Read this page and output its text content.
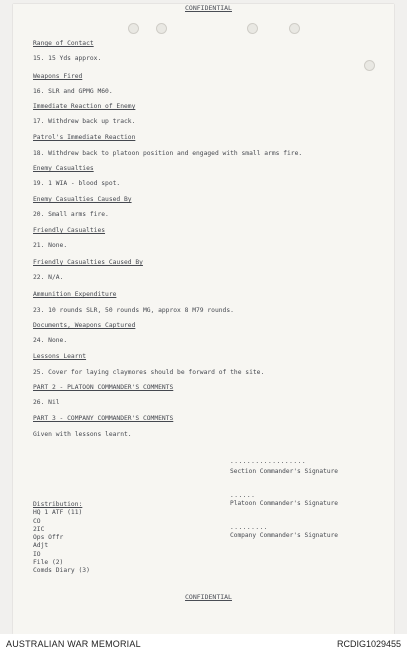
CONFIDENTIAL
Range of Contact
15. 15 Yds approx.
Weapons Fired
16. SLR and GPMG M60.
Immediate Reaction of Enemy
17. Withdrew back up track.
Patrol's Immediate Reaction
18. Withdrew back to platoon position and engaged with small arms fire.
Enemy Casualties
19. 1 WIA - blood spot.
Enemy Casualties Caused By
20. Small arms fire.
Friendly Casualties
21. None.
Friendly Casualties Caused By
22. N/A.
Ammunition Expenditure
23. 10 rounds SLR, 50 rounds MG, approx 8 M79 rounds.
Documents, Weapons Captured
24. None.
Lessons Learnt
25. Cover for laying claymores should be forward of the site.
PART 2 - PLATOON COMMANDER'S COMMENTS
26. Nil
PART 3 - COMPANY COMMANDER'S COMMENTS
Given with lessons learnt.
..................
Section Commander's Signature
......
Platoon Commander's Signature
.........
Company Commander's Signature
Distribution:
HQ 1 ATF (11)
CO
2IC
Ops Offr
Adjt
IO
File (2)
Comds Diary (3)
CONFIDENTIAL
AUSTRALIAN WAR MEMORIAL	RCDIG1029455
